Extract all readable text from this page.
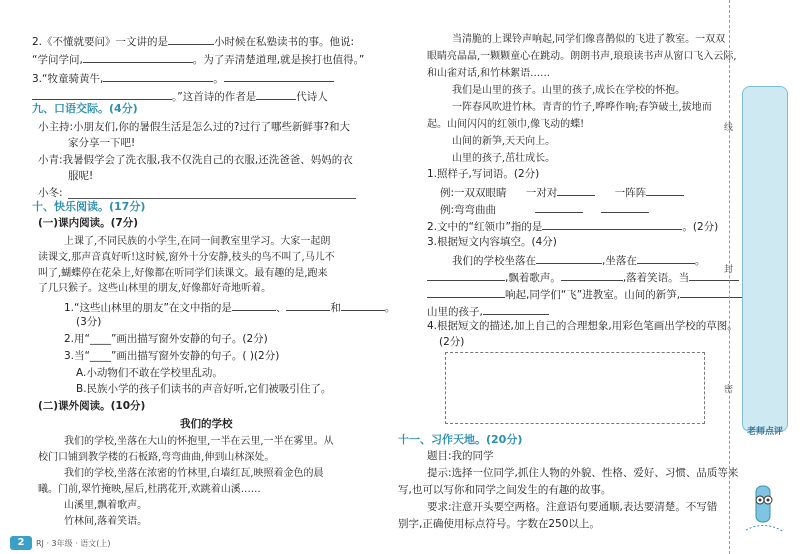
2.《不懂就要问》一文讲的是	小时候在私塾读书的事。他说:
“学问学问,	。为了弄清楚道理,就是挨打也值得。”
3.“牧童骑黄牛,	。
。”这首诗的作者是	代诗人
九、口语交际。(4分)
小主持:小朋友们,你的暑假生活是怎么过的?过行了哪些新鲜事?和大
家分享一下吧!
小青:我暑假学会了洗衣服,我不仅洗自己的衣服,还洗爸爸、妈妈的衣
服呢!
小冬:
十、快乐阅读。(17分)
(一)课内阅读。(7分)
上课了,不同民族的小学生,在同一间教室里学习。大家一起朗
读课文,那声音真好听!这时候,窗外十分安静,枝头的鸟不叫了,马儿不
叫了,蝴蝶停在花朵上,好像都在听同学们读课文。最有趣的是,跑来
了几只猴子。这些山林里的朋友,好像都好奇地听着。
1.“这些山林里的朋友”在文中指的是	、	和	。
(3分)
2.用“____”画出描写窗外安静的句子。(2分)
3.当“____”画出描写窗外安静的句子。( )(2分)
A.小动物们不敢在学校里乱动。
B.民族小学的孩子们读书的声音好听,它们被吸引住了。
(二)课外阅读。(10分)
我们的学校
我们的学校,坐落在大山的怀抱里,一半在云里,一半在雾里。从
校门口铺到教学楼的石板路,弯弯曲曲,伸到山林深处。
我们的学校,坐落在浓密的竹林里,白墙红瓦,映照着金色的晨
曦。门前,翠竹掩映,屋后,杜鹃花开,欢跳着山溪……
山溪里,飘着歌声。
竹林间,落着笑语。
2	RJ · 3年级 · 语文(上)
当清脆的上课铃声响起,同学们像喜鹊似的飞进了教室。一双双
眼睛亮晶晶,一颗颗童心在跳动。朗朗书声,琅琅读书声从窗口飞入云际,
和山雀对话,和竹林絮语……
我们是山里的孩子。山里的孩子,成长在学校的怀抱。
一阵春风吹进竹林。青青的竹子,哗哗作响;春笋破土,拔地而
起。山间闪闪的红领巾,像飞动的蝶!
山间的新笋,天天向上。
山里的孩子,茁壮成长。
1.照样子,写词语。(2分)
例:一双双眼睛 一对对	一阵阵
例:弯弯曲曲
2.文中的“红领巾”指的是	。(2分)
3.根据短文内容填空。(4分)
我们的学校坐落在	,坐落在	。
,飘着歌声。	,落着笑语。当
响起,同学们“飞”进教室。山间的新笋,
山里的孩子,
4.根据短文的描述,加上自己的合理想象,用彩色笔画出学校的草图。
(2分)
十一、习作天地。(20分)
题目:我的同学
提示:选择一位同学,抓住人物的外貌、性格、爱好、习惯、品质等来
写,也可以写你和同学之间发生的有趣的故事。
要求:注意开头要空两格。注意语句要通顺,表达要清楚。不写错
别字,正确使用标点符号。字数在250以上。
线
封
密
老师点评
